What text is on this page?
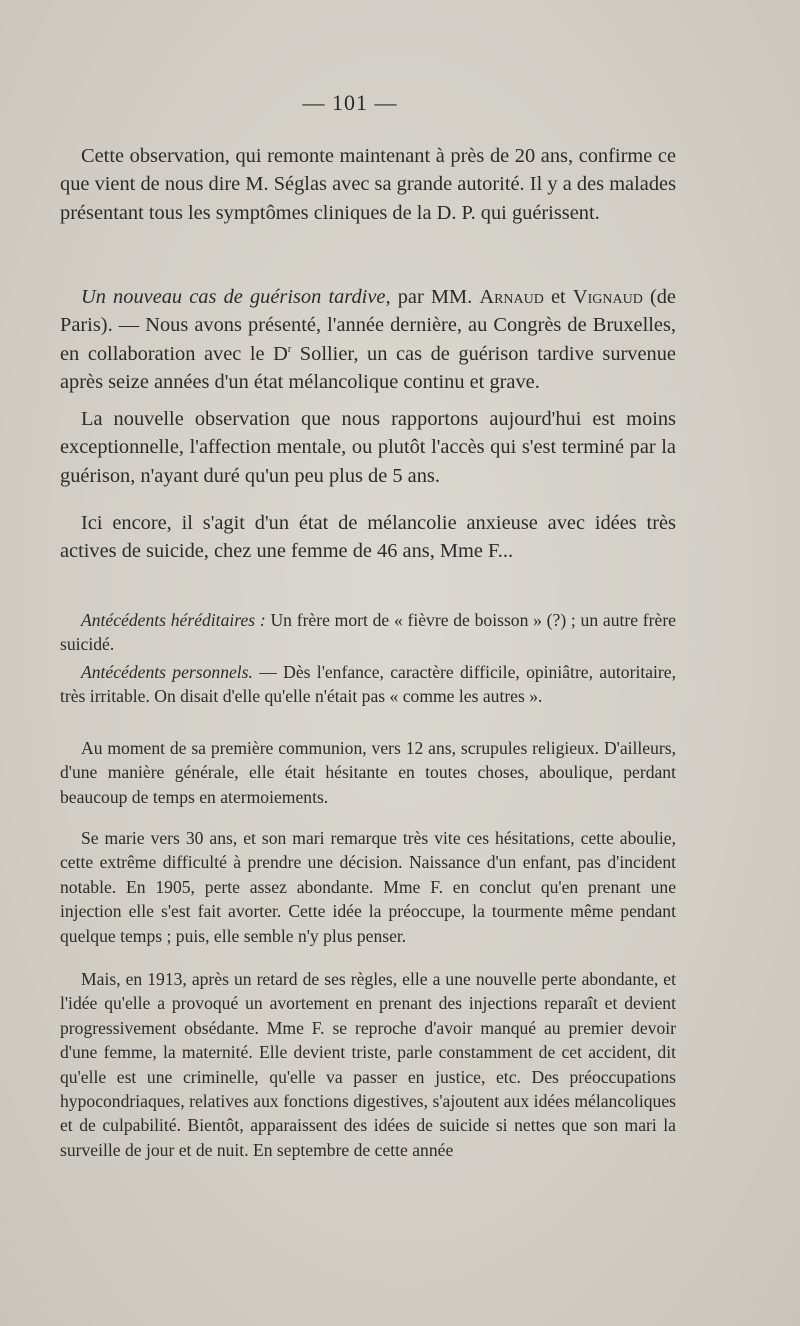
— 101 —

Cette observation, qui remonte maintenant à près de 20 ans, confirme ce que vient de nous dire M. Séglas avec sa grande autorité. Il y a des malades présentant tous les symptômes cliniques de la D. P. qui guérissent.

Un nouveau cas de guérison tardive, par MM. Arnaud et Vignaud (de Paris). — Nous avons présenté, l'année dernière, au Congrès de Bruxelles, en collaboration avec le $D^r$ Sollier, un cas de guérison tardive survenue après seize années d'un état mélancolique continu et grave.

La nouvelle observation que nous rapportons aujourd'hui est moins exceptionnelle, l'affection mentale, ou plutôt l'accès qui s'est terminé par la guérison, n'ayant duré qu'un peu plus de 5 ans.

Ici encore, il s'agit d'un état de mélancolie anxieuse avec idées très actives de suicide, chez une femme de 46 ans, Mme F...

Antécédents héréditaires : Un frère mort de « fièvre de boisson » (?) ; un autre frère suicidé.

Antécédents personnels. — Dès l'enfance, caractère difficile, opiniâtre, autoritaire, très irritable. On disait d'elle qu'elle n'était pas « comme les autres ».

Au moment de sa première communion, vers 12 ans, scrupules religieux. D'ailleurs, d'une manière générale, elle était hésitante en toutes choses, aboulique, perdant beaucoup de temps en atermoiements.

Se marie vers 30 ans, et son mari remarque très vite ces hésitations, cette aboulie, cette extrême difficulté à prendre une décision. Naissance d'un enfant, pas d'incident notable. En 1905, perte assez abondante. Mme F. en conclut qu'en prenant une injection elle s'est fait avorter. Cette idée la préoccupe, la tourmente même pendant quelque temps ; puis, elle semble n'y plus penser.

Mais, en 1913, après un retard de ses règles, elle a une nouvelle perte abondante, et l'idée qu'elle a provoqué un avortement en prenant des injections reparaît et devient progressivement obsédante. Mme F. se reproche d'avoir manqué au premier devoir d'une femme, la maternité. Elle devient triste, parle constamment de cet accident, dit qu'elle est une criminelle, qu'elle va passer en justice, etc. Des préoccupations hypocondriaques, relatives aux fonctions digestives, s'ajoutent aux idées mélancoliques et de culpabilité. Bientôt, apparaissent des idées de suicide si nettes que son mari la surveille de jour et de nuit. En septembre de cette année
